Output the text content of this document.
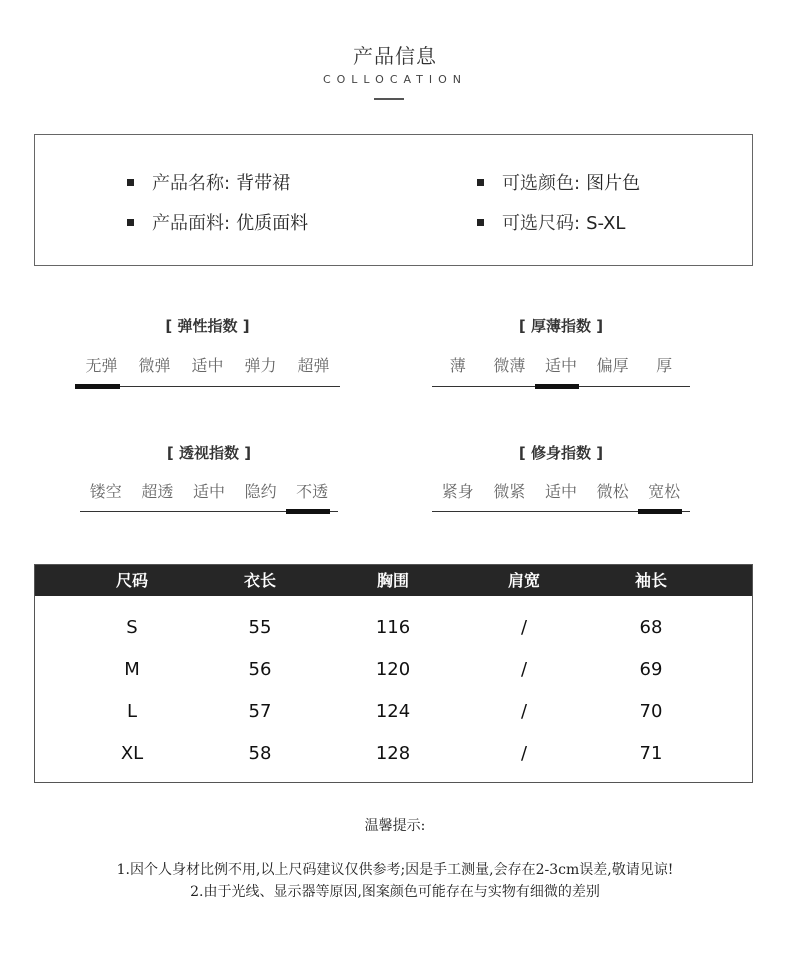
产品信息
COLLOCATION
产品名称: 背带裙
产品面料: 优质面料
可选颜色: 图片色
可选尺码: S-XL
[ 弹性指数 ]
无弹	微弹	适中	弹力	超弹
[ 厚薄指数 ]
薄	微薄	适中	偏厚	厚
[ 透视指数 ]
镂空	超透	适中	隐约	不透
[ 修身指数 ]
紧身	微紧	适中	微松	宽松
尺码	衣长	胸围	肩宽	袖长
S	55	116	/	68
M	56	120	/	69
L	57	124	/	70
XL	58	128	/	71
温馨提示:
1.因个人身材比例不用,以上尺码建议仅供参考;因是手工测量,会存在2-3cm误差,敬请见谅!
2.由于光线、显示器等原因,图案颜色可能存在与实物有细微的差别
